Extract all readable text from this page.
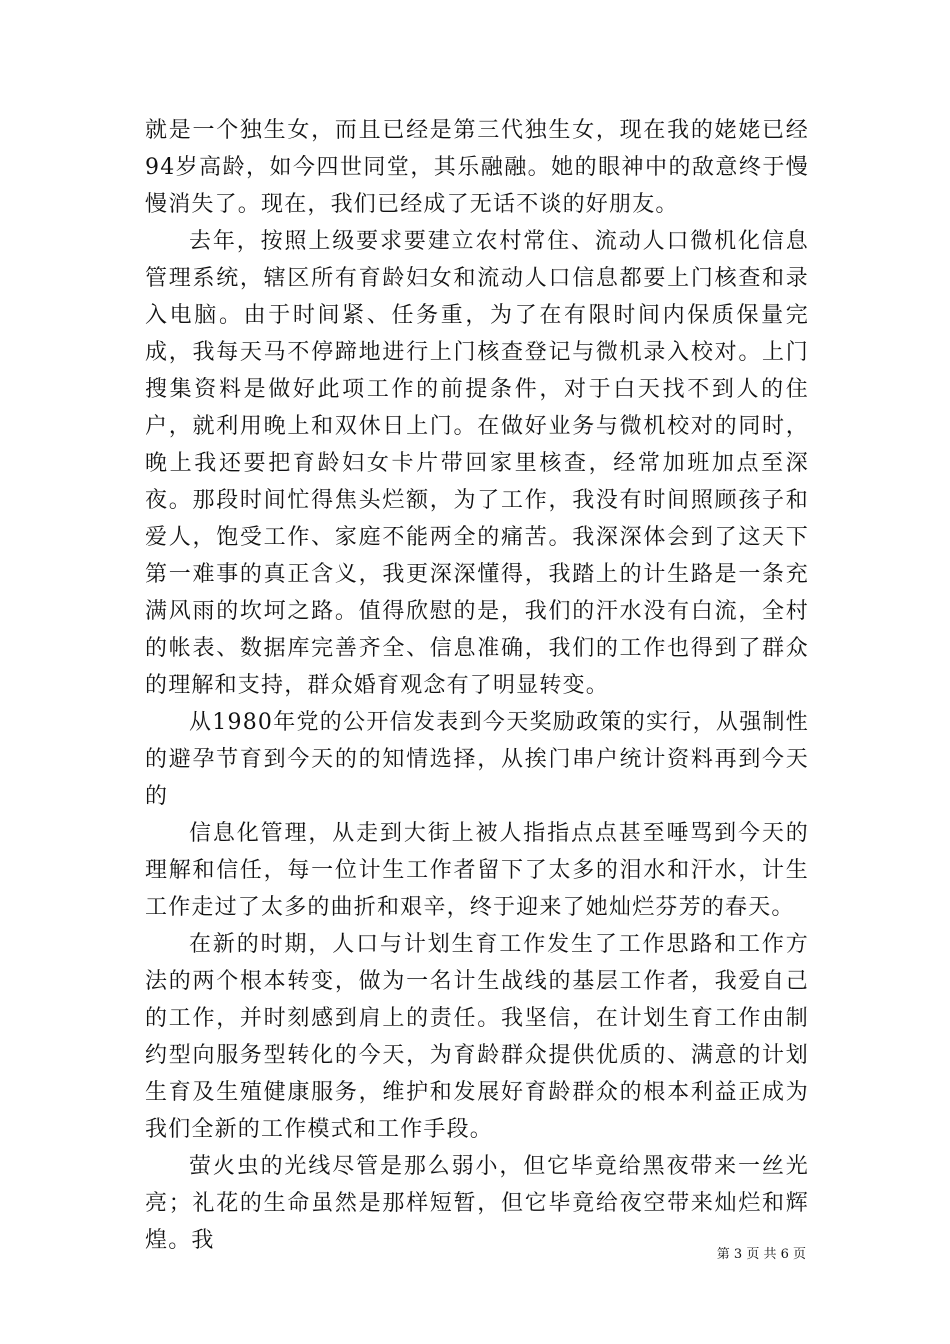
就是一个独生女，而且已经是第三代独生女，现在我的姥姥已经94岁高龄，如今四世同堂，其乐融融。她的眼神中的敌意终于慢慢消失了。现在，我们已经成了无话不谈的好朋友。

去年，按照上级要求要建立农村常住、流动人口微机化信息管理系统，辖区所有育龄妇女和流动人口信息都要上门核查和录入电脑。由于时间紧、任务重，为了在有限时间内保质保量完成，我每天马不停蹄地进行上门核查登记与微机录入校对。上门搜集资料是做好此项工作的前提条件，对于白天找不到人的住户，就利用晚上和双休日上门。在做好业务与微机校对的同时，晚上我还要把育龄妇女卡片带回家里核查，经常加班加点至深夜。那段时间忙得焦头烂额，为了工作，我没有时间照顾孩子和爱人，饱受工作、家庭不能两全的痛苦。我深深体会到了这天下第一难事的真正含义，我更深深懂得，我踏上的计生路是一条充满风雨的坎坷之路。值得欣慰的是，我们的汗水没有白流，全村的帐表、数据库完善齐全、信息准确，我们的工作也得到了群众的理解和支持，群众婚育观念有了明显转变。

从1980年党的公开信发表到今天奖励政策的实行，从强制性的避孕节育到今天的的知情选择，从挨门串户统计资料再到今天的

信息化管理，从走到大街上被人指指点点甚至唾骂到今天的理解和信任，每一位计生工作者留下了太多的泪水和汗水，计生工作走过了太多的曲折和艰辛，终于迎来了她灿烂芬芳的春天。

在新的时期，人口与计划生育工作发生了工作思路和工作方法的两个根本转变，做为一名计生战线的基层工作者，我爱自己的工作，并时刻感到肩上的责任。我坚信，在计划生育工作由制约型向服务型转化的今天，为育龄群众提供优质的、满意的计划生育及生殖健康服务，维护和发展好育龄群众的根本利益正成为我们全新的工作模式和工作手段。

萤火虫的光线尽管是那么弱小，但它毕竟给黑夜带来一丝光亮；礼花的生命虽然是那样短暂，但它毕竟给夜空带来灿烂和辉煌。我

第 3 页 共 6 页
